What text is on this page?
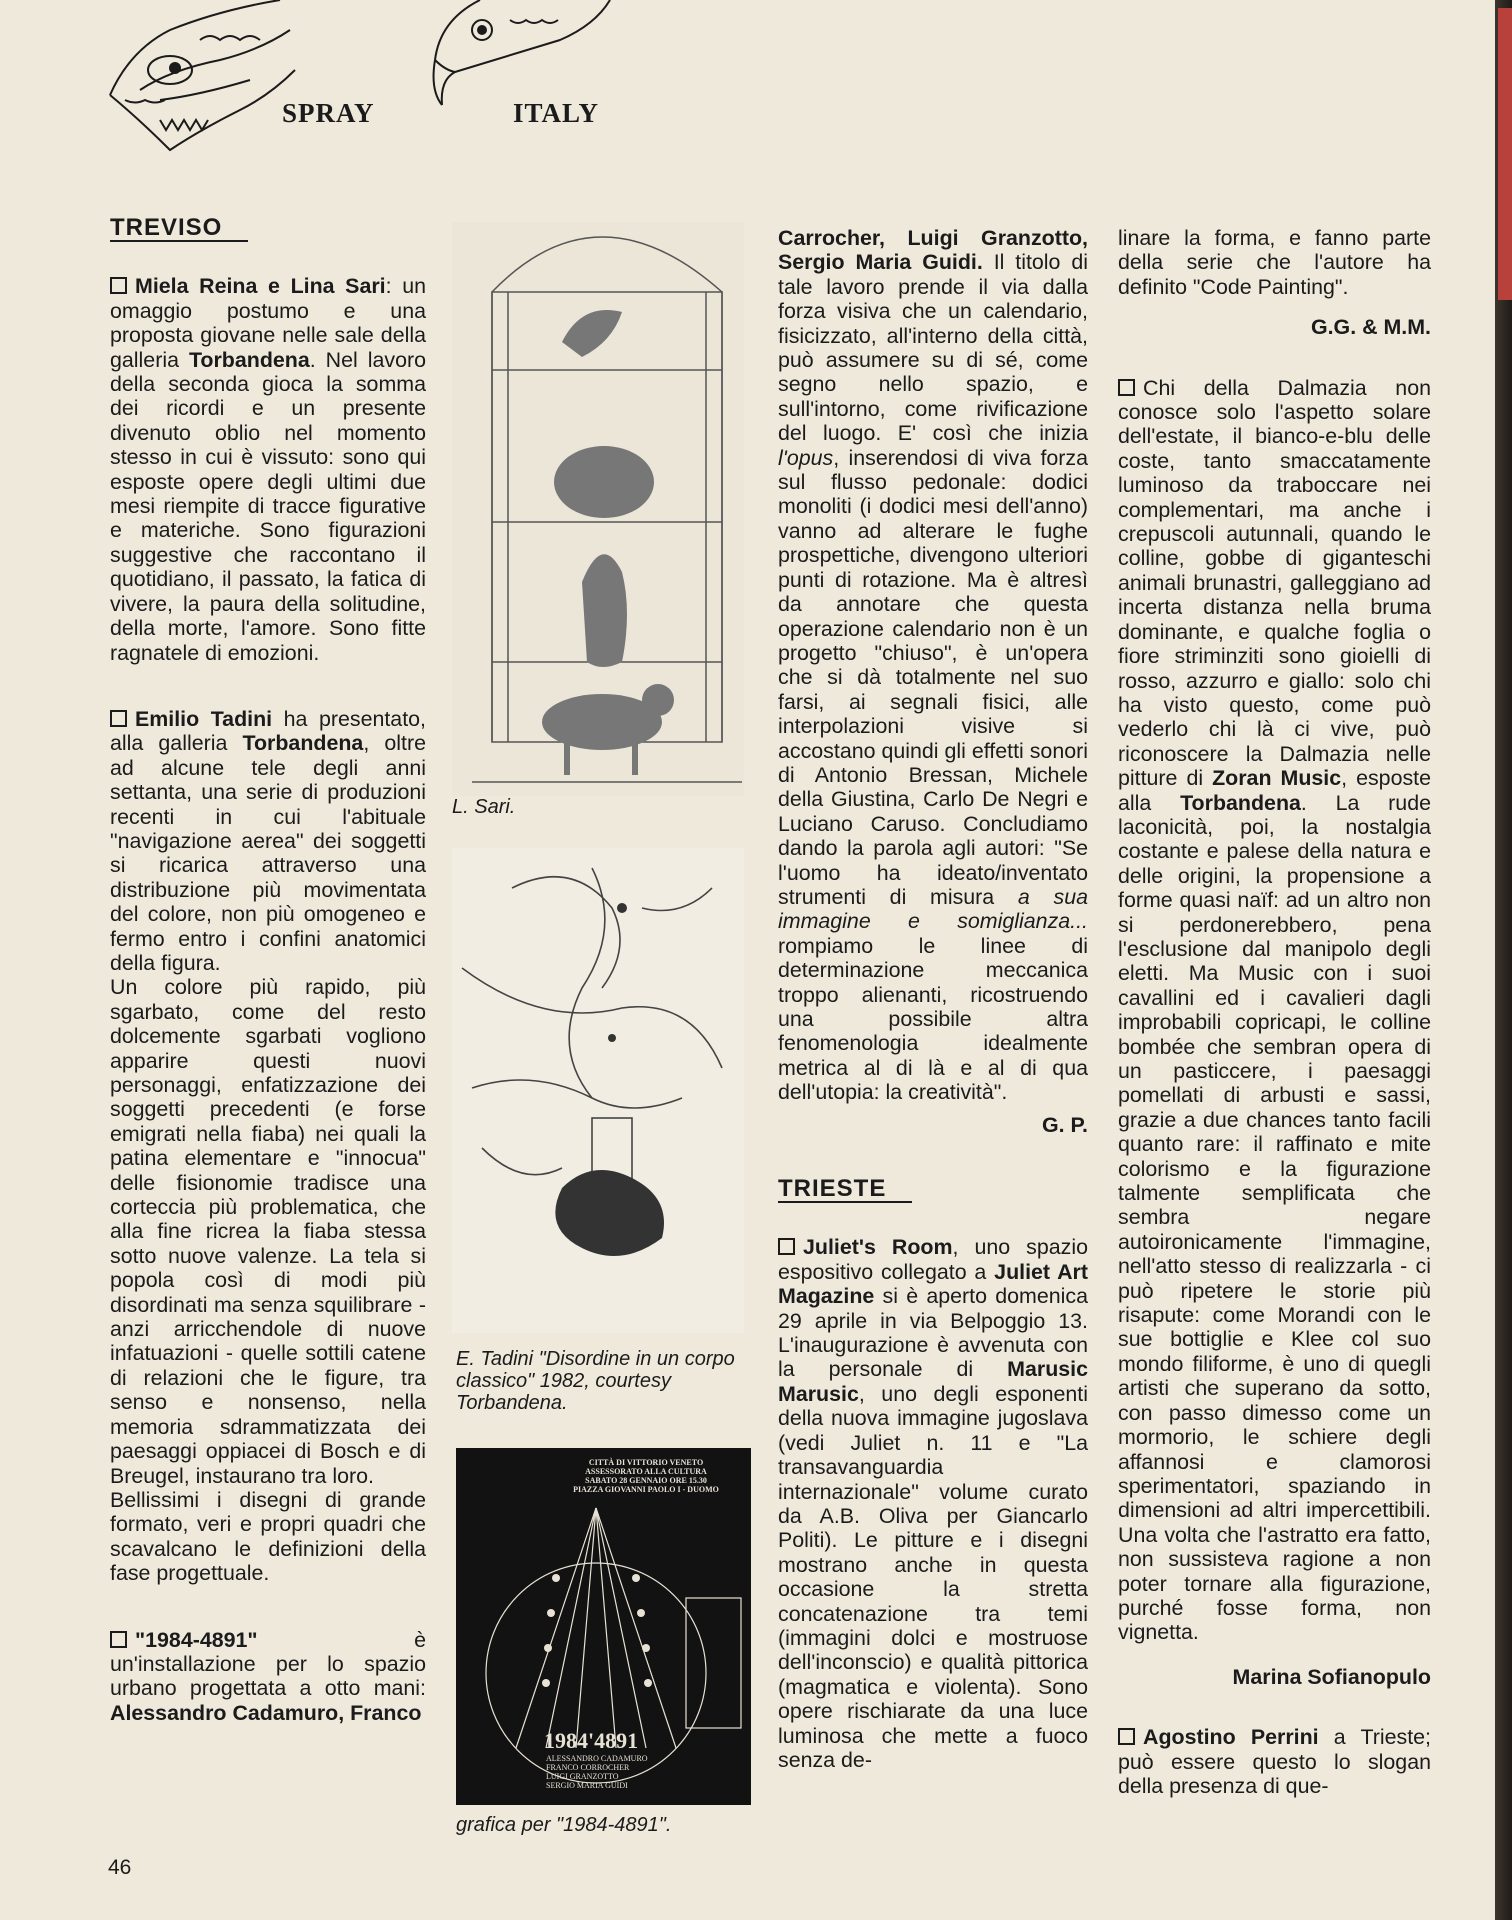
SPRAY	ITALY
TREVISO

Miela Reina e Lina Sari: un omaggio postumo e una proposta giovane nelle sale della galleria Torbandena. Nel lavoro della seconda gioca la somma dei ricordi e un presente divenuto oblio nel momento stesso in cui è vissuto: sono qui esposte opere degli ultimi due mesi riempite di tracce figurative e materiche. Sono figurazioni suggestive che raccontano il quotidiano, il passato, la fatica di vivere, la paura della solitudine, della morte, l'amore. Sono fitte ragnatele di emozioni.

Emilio Tadini ha presentato, alla galleria Torbandena, oltre ad alcune tele degli anni settanta, una serie di produzioni recenti in cui l'abituale "navigazione aerea" dei soggetti si ricarica attraverso una distribuzione più movimentata del colore, non più omogeneo e fermo entro i confini anatomici della figura.

Un colore più rapido, più sgarbato, come del resto dolcemente sgarbati vogliono apparire questi nuovi personaggi, enfatizzazione dei soggetti precedenti (e forse emigrati nella fiaba) nei quali la patina elementare e "innocua" delle fisionomie tradisce una corteccia più problematica, che alla fine ricrea la fiaba stessa sotto nuove valenze. La tela si popola così di modi più disordinati ma senza squilibrare - anzi arricchendole di nuove infatuazioni - quelle sottili catene di relazioni che le figure, tra senso e nonsenso, nella memoria sdrammatizzata dei paesaggi oppiacei di Bosch e di Breugel, instaurano tra loro.

Bellissimi i disegni di grande formato, veri e propri quadri che scavalcano le definizioni della fase progettuale.

"1984-4891" è un'installazione per lo spazio urbano progettata a otto mani: Alessandro Cadamuro, Franco

L. Sari.
E. Tadini "Disordine in un corpo classico" 1982, courtesy Torbandena.
CITTÀ DI VITTORIO VENETO
ASSESSORATO ALLA CULTURA
SABATO 28 GENNAIO ORE 15.30
PIAZZA GIOVANNI PAOLO I - DUOMO
1984'4891
ALESSANDRO CADAMURO
FRANCO CORROCHER
LUIGI GRANZOTTO
SERGIO MARIA GUIDI
grafica per "1984-4891".

Carrocher, Luigi Granzotto, Sergio Maria Guidi. Il titolo di tale lavoro prende il via dalla forza visiva che un calendario, fisicizzato, all'interno della città, può assumere su di sé, come segno nello spazio, e sull'intorno, come rivificazione del luogo. E' così che inizia l'opus, inserendosi di viva forza sul flusso pedonale: dodici monoliti (i dodici mesi dell'anno) vanno ad alterare le fughe prospettiche, divengono ulteriori punti di rotazione. Ma è altresì da annotare che questa operazione calendario non è un progetto "chiuso", è un'opera che si dà totalmente nel suo farsi, ai segnali fisici, alle interpolazioni visive si accostano quindi gli effetti sonori di Antonio Bressan, Michele della Giustina, Carlo De Negri e Luciano Caruso. Concludiamo dando la parola agli autori: "Se l'uomo ha ideato/inventato strumenti di misura a sua immagine e somiglianza... rompiamo le linee di determinazione meccanica troppo alienanti, ricostruendo una possibile altra fenomenologia idealmente metrica al di là e al di qua dell'utopia: la creatività".

G. P.

TRIESTE

Juliet's Room, uno spazio espositivo collegato a Juliet Art Magazine si è aperto domenica 29 aprile in via Belpoggio 13. L'inaugurazione è avvenuta con la personale di Marusic Marusic, uno degli esponenti della nuova immagine jugoslava (vedi Juliet n. 11 e "La transavanguardia internazionale" volume curato da A.B. Oliva per Giancarlo Politi). Le pitture e i disegni mostrano anche in questa occasione la stretta concatenazione tra temi (immagini dolci e mostruose dell'inconscio) e qualità pittorica (magmatica e violenta). Sono opere rischiarate da una luce luminosa che mette a fuoco senza de-

linare la forma, e fanno parte della serie che l'autore ha definito "Code Painting".

G.G. & M.M.

Chi della Dalmazia non conosce solo l'aspetto solare dell'estate, il bianco-e-blu delle coste, tanto smaccatamente luminoso da traboccare nei complementari, ma anche i crepuscoli autunnali, quando le colline, gobbe di giganteschi animali brunastri, galleggiano ad incerta distanza nella bruma dominante, e qualche foglia o fiore striminziti sono gioielli di rosso, azzurro e giallo: solo chi ha visto questo, come può vederlo chi là ci vive, può riconoscere la Dalmazia nelle pitture di Zoran Music, esposte alla Torbandena. La rude laconicità, poi, la nostalgia costante e palese della natura e delle origini, la propensione a forme quasi naïf: ad un altro non si perdonerebbero, pena l'esclusione dal manipolo degli eletti. Ma Music con i suoi cavallini ed i cavalieri dagli improbabili copricapi, le colline bombée che sembran opera di un pasticcere, i paesaggi pomellati di arbusti e sassi, grazie a due chances tanto facili quanto rare: il raffinato e mite colorismo e la figurazione talmente semplificata che sembra negare autoironicamente l'immagine, nell'atto stesso di realizzarla - ci può ripetere le storie più risapute: come Morandi con le sue bottiglie e Klee col suo mondo filiforme, è uno di quegli artisti che superano da sotto, con passo dimesso come un mormorio, le schiere degli affannosi e clamorosi sperimentatori, spaziando in dimensioni ad altri impercettibili. Una volta che l'astratto era fatto, non sussisteva ragione a non poter tornare alla figurazione, purché fosse forma, non vignetta.

Marina Sofianopulo

Agostino Perrini a Trieste; può essere questo lo slogan della presenza di que-

46
